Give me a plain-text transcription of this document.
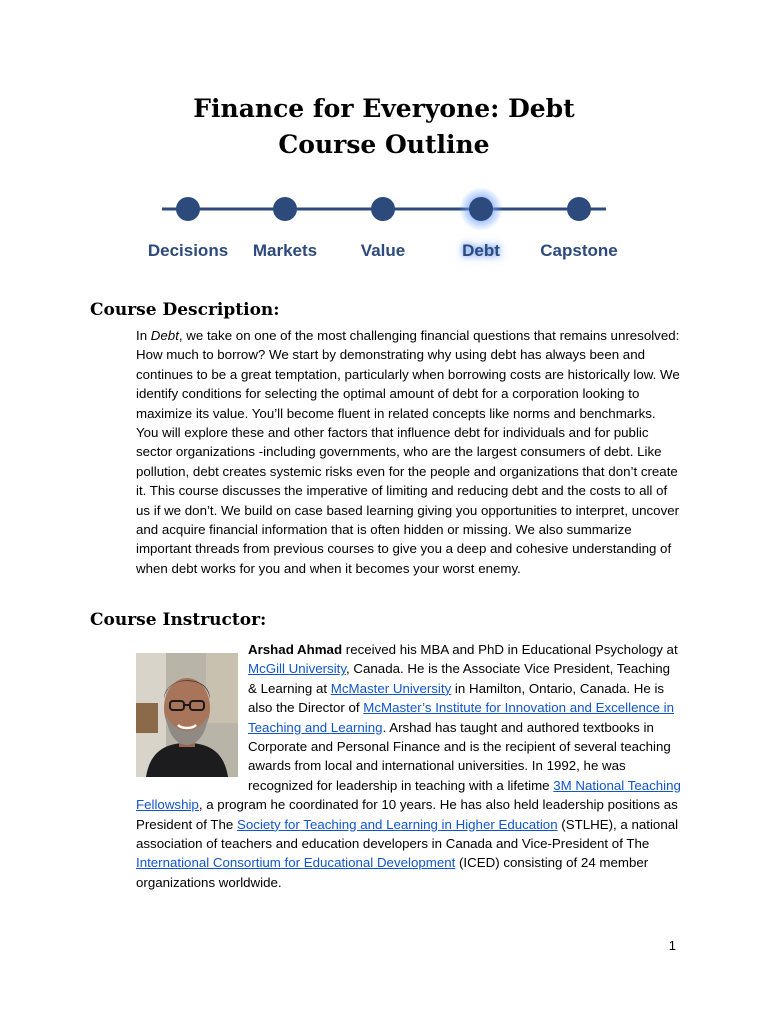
Finance for Everyone: Debt
Course Outline
Decisions Markets	Value	Debt Capstone
Course Description:
In Debt, we take on one of the most challenging financial questions that remains unresolved: How much to borrow? We start by demonstrating why using debt has always been and continues to be a great temptation, particularly when borrowing costs are historically low. We identify conditions for selecting the optimal amount of debt for a corporation looking to maximize its value. You’ll become fluent in related concepts like norms and benchmarks. You will explore these and other factors that influence debt for individuals and for public sector organizations -including governments, who are the largest consumers of debt. Like pollution, debt creates systemic risks even for the people and organizations that don’t create it. This course discusses the imperative of limiting and reducing debt and the costs to all of us if we don’t. We build on case based learning giving you opportunities to interpret, uncover and acquire financial information that is often hidden or missing. We also summarize important threads from previous courses to give you a deep and cohesive understanding of when debt works for you and when it becomes your worst enemy.
Course Instructor:
Arshad Ahmad received his MBA and PhD in Educational Psychology at McGill University, Canada. He is the Associate Vice President, Teaching & Learning at McMaster University in Hamilton, Ontario, Canada. He is also the Director of McMaster’s Institute for Innovation and Excellence in Teaching and Learning. Arshad has taught and authored textbooks in Corporate and Personal Finance and is the recipient of several teaching awards from local and international universities. In 1992, he was recognized for leadership in teaching with a lifetime 3M National Teaching Fellowship, a program he coordinated for 10 years. He has also held leadership positions as President of The Society for Teaching and Learning in Higher Education (STLHE), a national association of teachers and education developers in Canada and Vice-President of The International Consortium for Educational Development (ICED) consisting of 24 member organizations worldwide.
1
